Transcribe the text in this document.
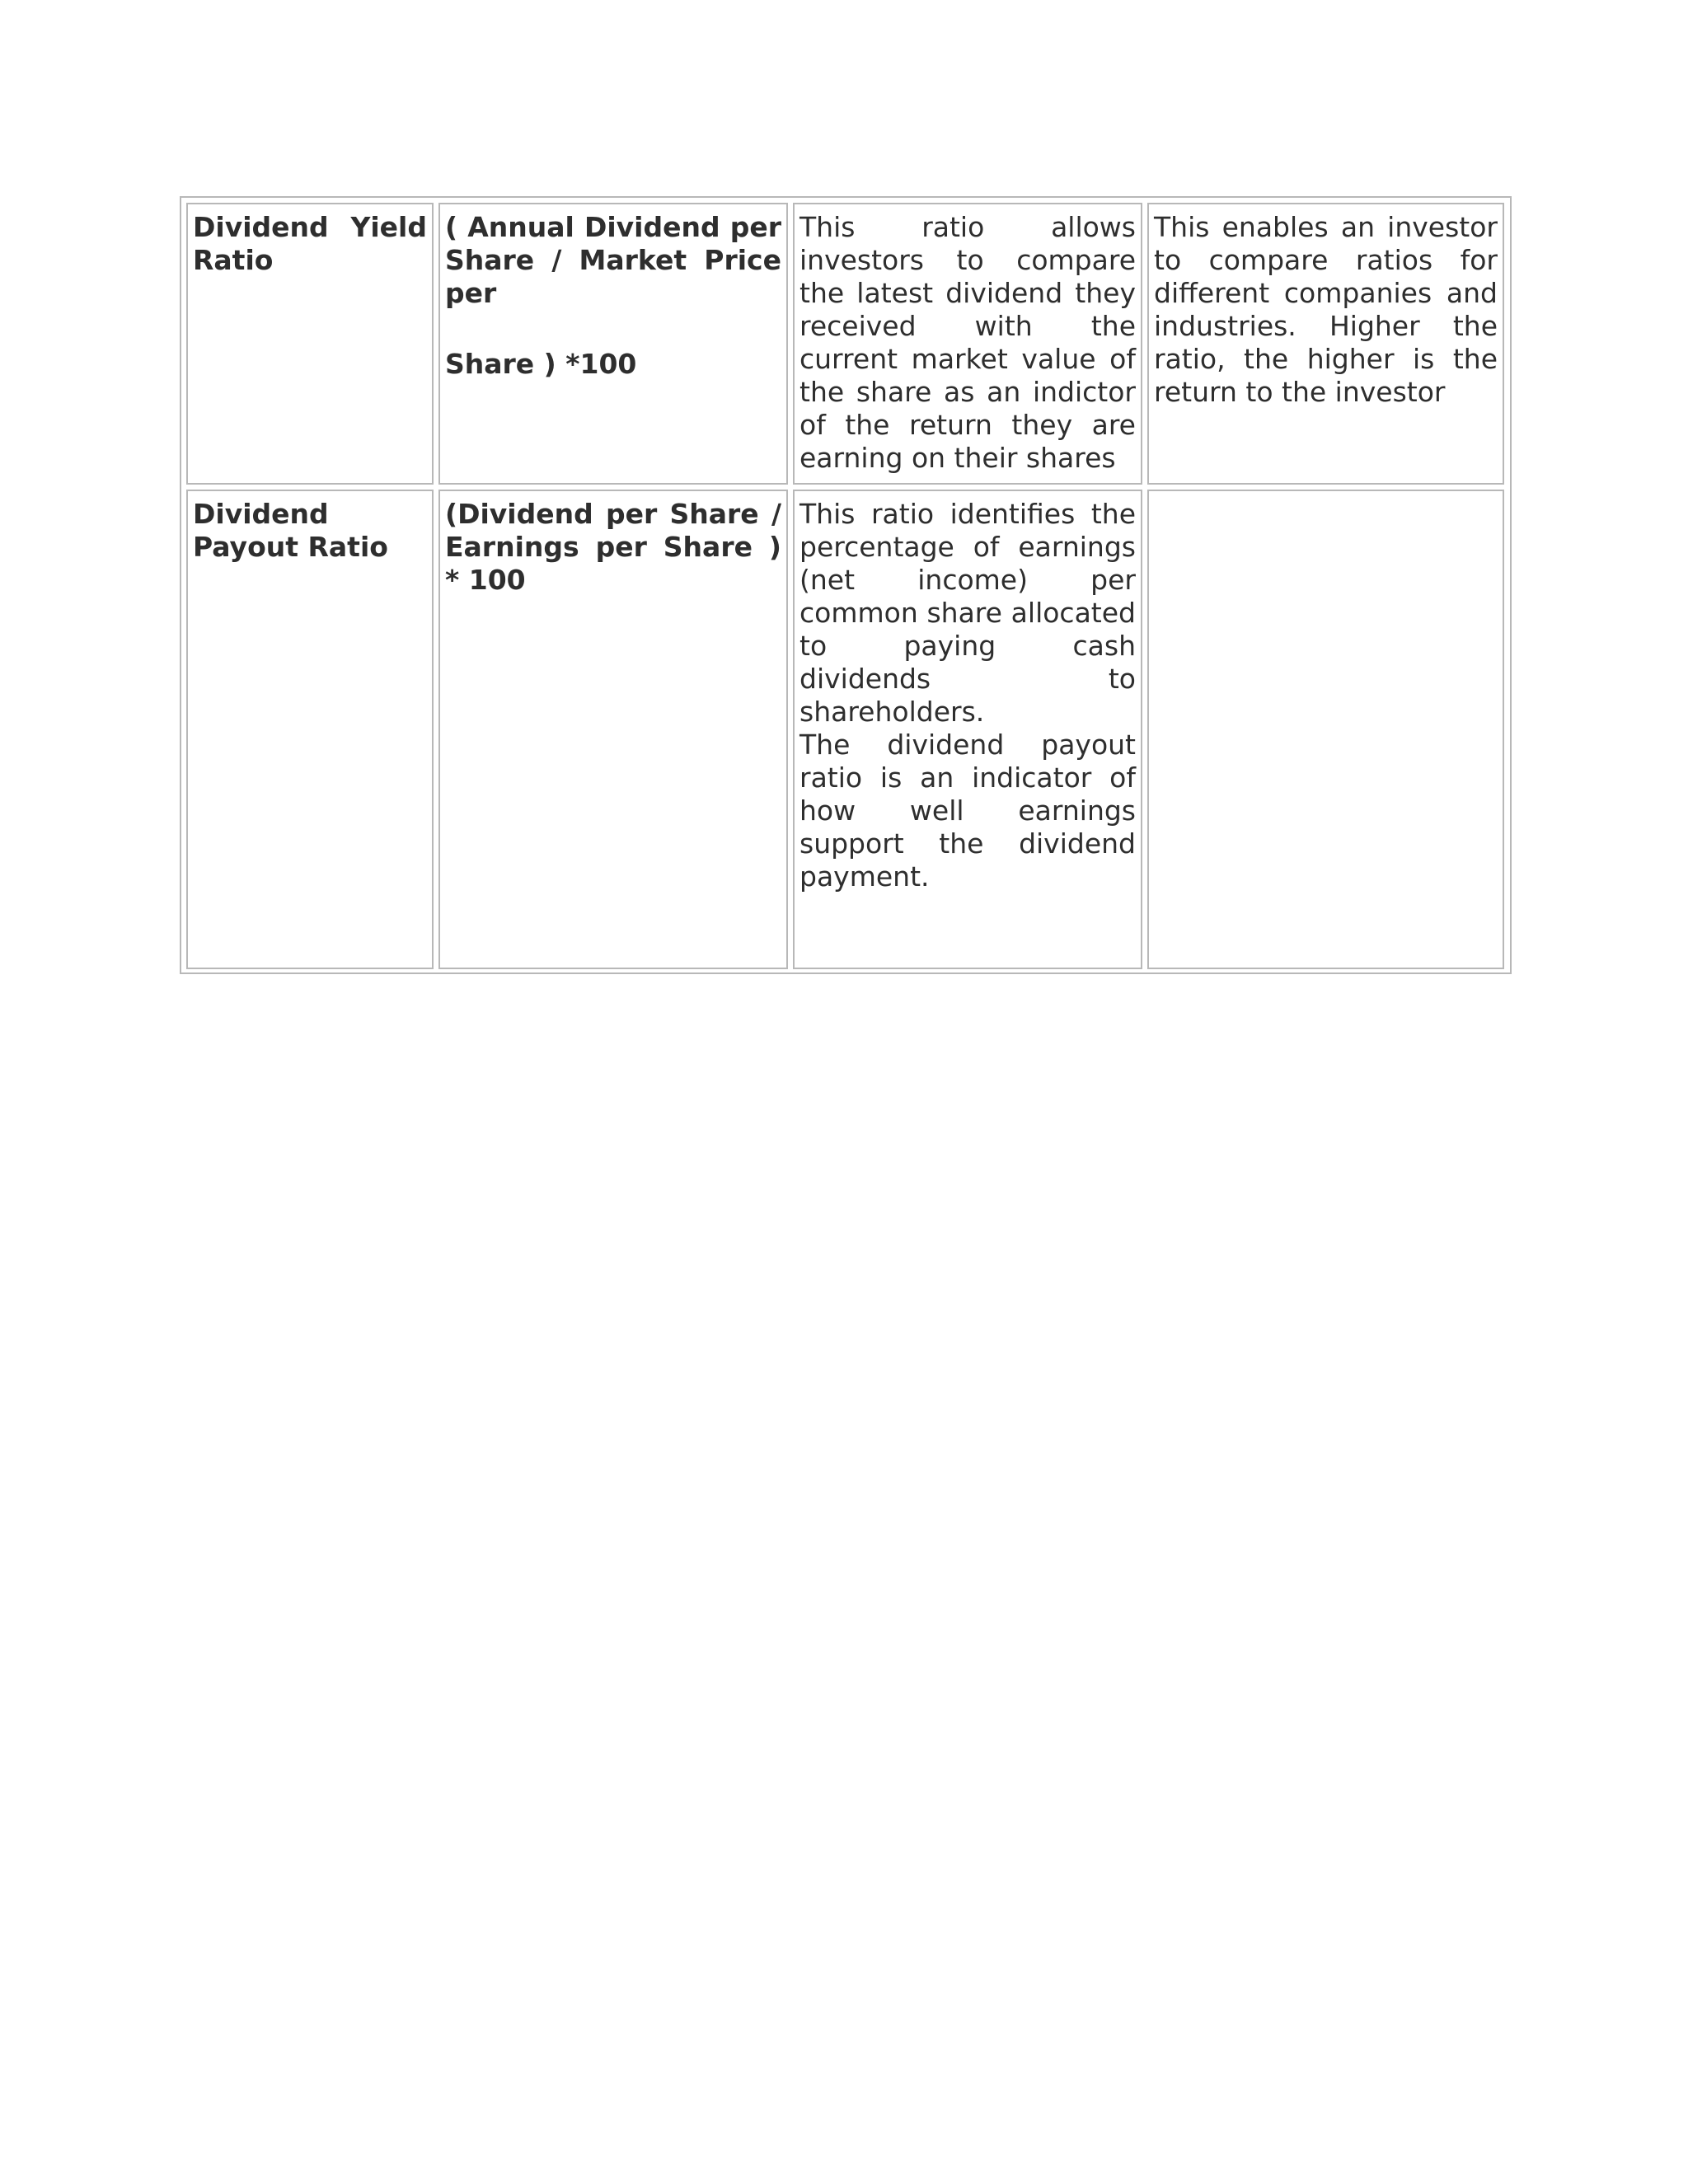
Dividend Yield Ratio

( Annual Dividend per Share / Market Price per

Share ) *100

This ratio allows investors to compare the latest dividend they received with the current market value of the share as an indictor of the return they are earning on their shares

This enables an investor to compare ratios for different companies and industries. Higher the ratio, the higher is the return to the investor

Dividend Payout Ratio

(Dividend per Share / Earnings per Share ) * 100

This ratio identifies the percentage of earnings (net income) per common share allocated to paying cash dividends to shareholders.

The dividend payout ratio is an indicator of how well earnings support the dividend payment.
